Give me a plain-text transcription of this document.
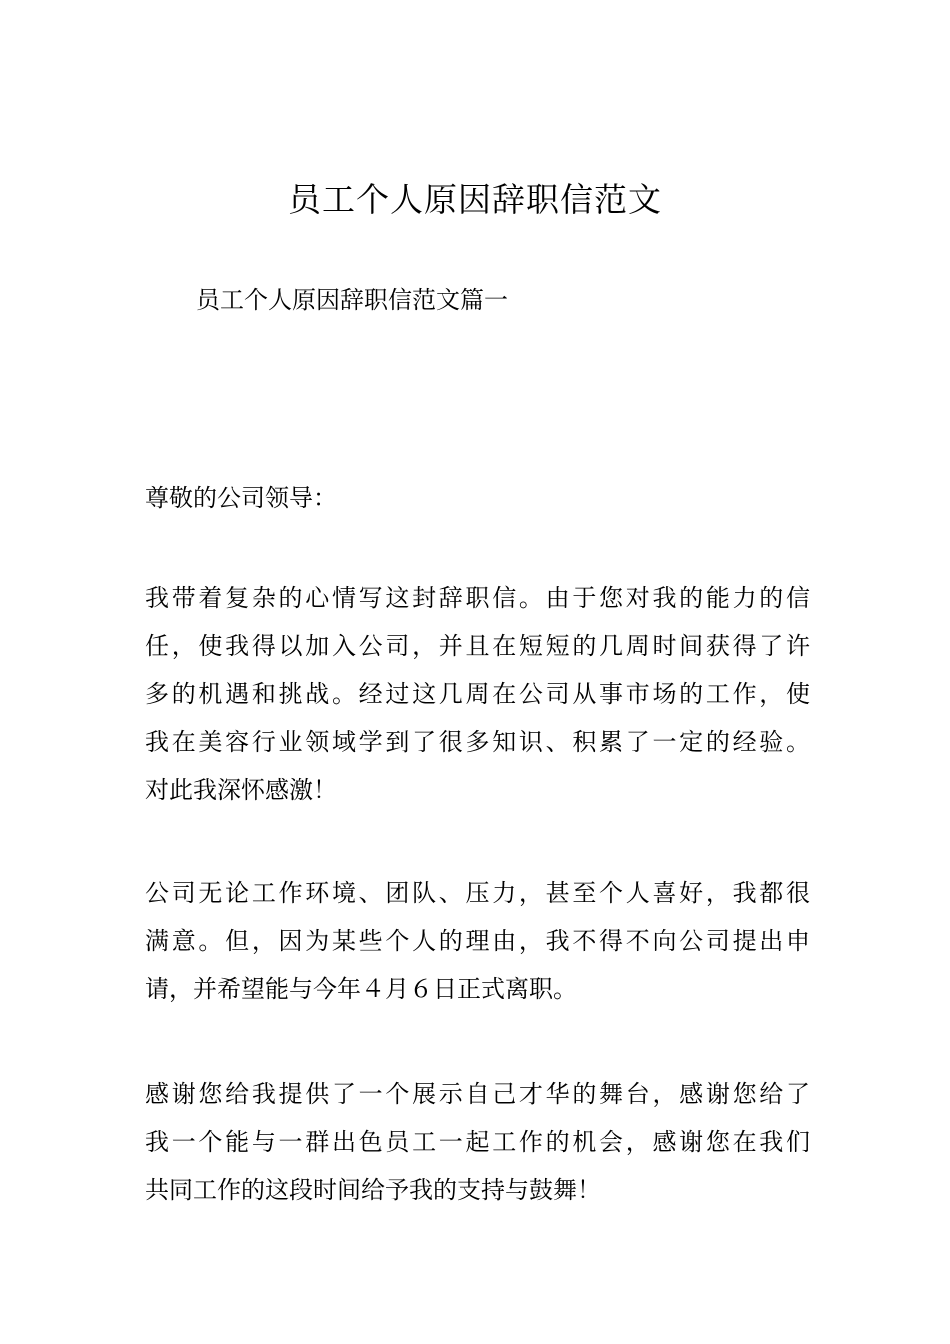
员工个人原因辞职信范文

员工个人原因辞职信范文篇一

尊敬的公司领导：

我带着复杂的心情写这封辞职信。由于您对我的能力的信
任，使我得以加入公司，并且在短短的几周时间获得了许
多的机遇和挑战。经过这几周在公司从事市场的工作，使
我在美容行业领域学到了很多知识、积累了一定的经验。
对此我深怀感激！
公司无论工作环境、团队、压力，甚至个人喜好，我都很
满意。但，因为某些个人的理由，我不得不向公司提出申
请，并希望能与今年４月６日正式离职。
感谢您给我提供了一个展示自己才华的舞台，感谢您给了
我一个能与一群出色员工一起工作的机会，感谢您在我们
共同工作的这段时间给予我的支持与鼓舞！
